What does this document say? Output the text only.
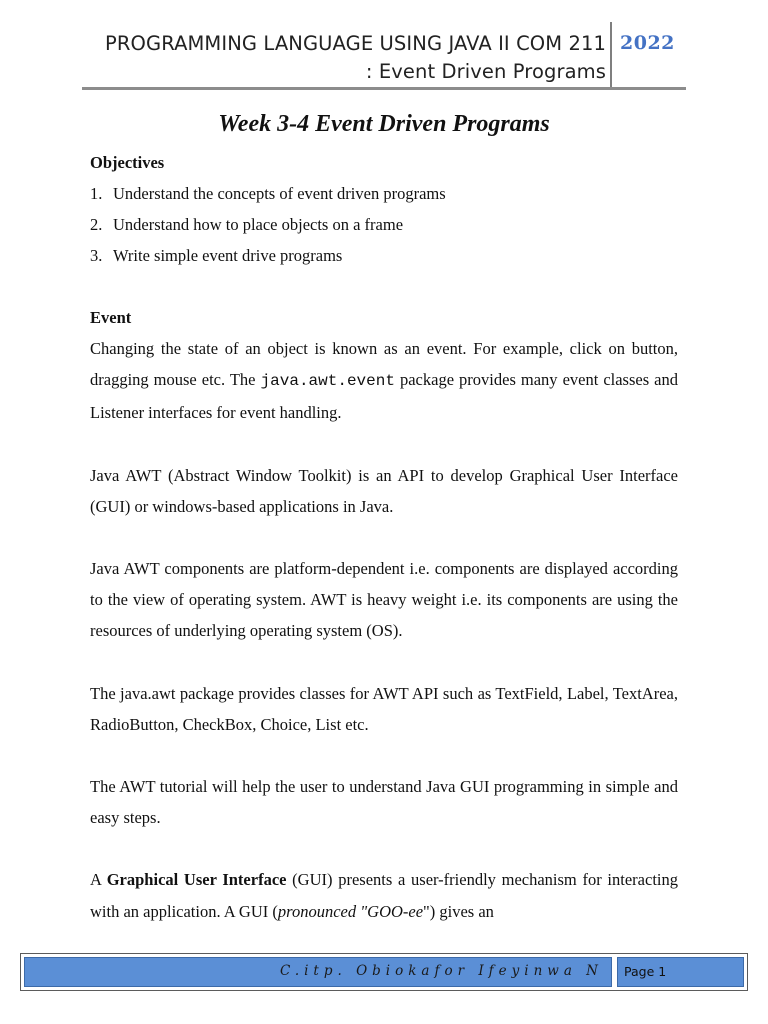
PROGRAMMING LANGUAGE USING JAVA II COM 211
: Event Driven Programs
2022
Week 3-4 Event Driven Programs

Objectives

1. Understand the concepts of event driven programs
2. Understand how to place objects on a frame
3. Write simple event drive programs

Event

Changing the state of an object is known as an event. For example, click on button, dragging mouse etc. The java.awt.event package provides many event classes and Listener interfaces for event handling.

Java AWT (Abstract Window Toolkit) is an API to develop Graphical User Interface (GUI) or windows-based applications in Java.

Java AWT components are platform-dependent i.e. components are displayed according to the view of operating system. AWT is heavy weight i.e. its components are using the resources of underlying operating system (OS).

The java.awt package provides classes for AWT API such as TextField, Label, TextArea, RadioButton, CheckBox, Choice, List etc.

The AWT tutorial will help the user to understand Java GUI programming in simple and easy steps.

A Graphical User Interface (GUI) presents a user-friendly mechanism for interacting with an application. A GUI (pronounced "GOO-ee") gives an

C.itp. Obiokafor Ifeyinwa N Page 1
